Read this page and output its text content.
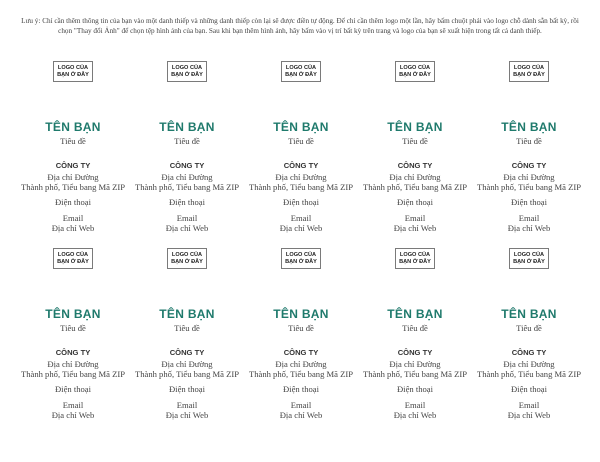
Lưu ý: Chỉ cần thêm thông tin của bạn vào một danh thiếp và những danh thiếp còn lại sẽ được điền tự động. Để chỉ cần thêm logo một lần, hãy bấm chuột phải vào logo chỗ dành sẵn bất kỳ, rồi chọn "Thay đổi Ảnh" để chọn tệp hình ảnh của bạn. Sau khi bạn thêm hình ảnh, hãy bấm vào vị trí bất kỳ trên trang và logo của bạn sẽ xuất hiện trong tất cả danh thiếp.
LOGO CỦA
BẠN Ở ĐÂY
TÊN BẠN
Tiêu đề
CÔNG TY
Địa chỉ Đường
Thành phố, Tiểu bang Mã ZIP
Điện thoại
Email
Địa chỉ Web
LOGO CỦA
BẠN Ở ĐÂY
TÊN BẠN
Tiêu đề
CÔNG TY
Địa chỉ Đường
Thành phố, Tiểu bang Mã ZIP
Điện thoại
Email
Địa chỉ Web
LOGO CỦA
BẠN Ở ĐÂY
TÊN BẠN
Tiêu đề
CÔNG TY
Địa chỉ Đường
Thành phố, Tiểu bang Mã ZIP
Điện thoại
Email
Địa chỉ Web
LOGO CỦA
BẠN Ở ĐÂY
TÊN BẠN
Tiêu đề
CÔNG TY
Địa chỉ Đường
Thành phố, Tiểu bang Mã ZIP
Điện thoại
Email
Địa chỉ Web
LOGO CỦA
BẠN Ở ĐÂY
TÊN BẠN
Tiêu đề
CÔNG TY
Địa chỉ Đường
Thành phố, Tiểu bang Mã ZIP
Điện thoại
Email
Địa chỉ Web
LOGO CỦA
BẠN Ở ĐÂY
TÊN BẠN
Tiêu đề
CÔNG TY
Địa chỉ Đường
Thành phố, Tiểu bang Mã ZIP
Điện thoại
Email
Địa chỉ Web
LOGO CỦA
BẠN Ở ĐÂY
TÊN BẠN
Tiêu đề
CÔNG TY
Địa chỉ Đường
Thành phố, Tiểu bang Mã ZIP
Điện thoại
Email
Địa chỉ Web
LOGO CỦA
BẠN Ở ĐÂY
TÊN BẠN
Tiêu đề
CÔNG TY
Địa chỉ Đường
Thành phố, Tiểu bang Mã ZIP
Điện thoại
Email
Địa chỉ Web
LOGO CỦA
BẠN Ở ĐÂY
TÊN BẠN
Tiêu đề
CÔNG TY
Địa chỉ Đường
Thành phố, Tiểu bang Mã ZIP
Điện thoại
Email
Địa chỉ Web
LOGO CỦA
BẠN Ở ĐÂY
TÊN BẠN
Tiêu đề
CÔNG TY
Địa chỉ Đường
Thành phố, Tiểu bang Mã ZIP
Điện thoại
Email
Địa chỉ Web
